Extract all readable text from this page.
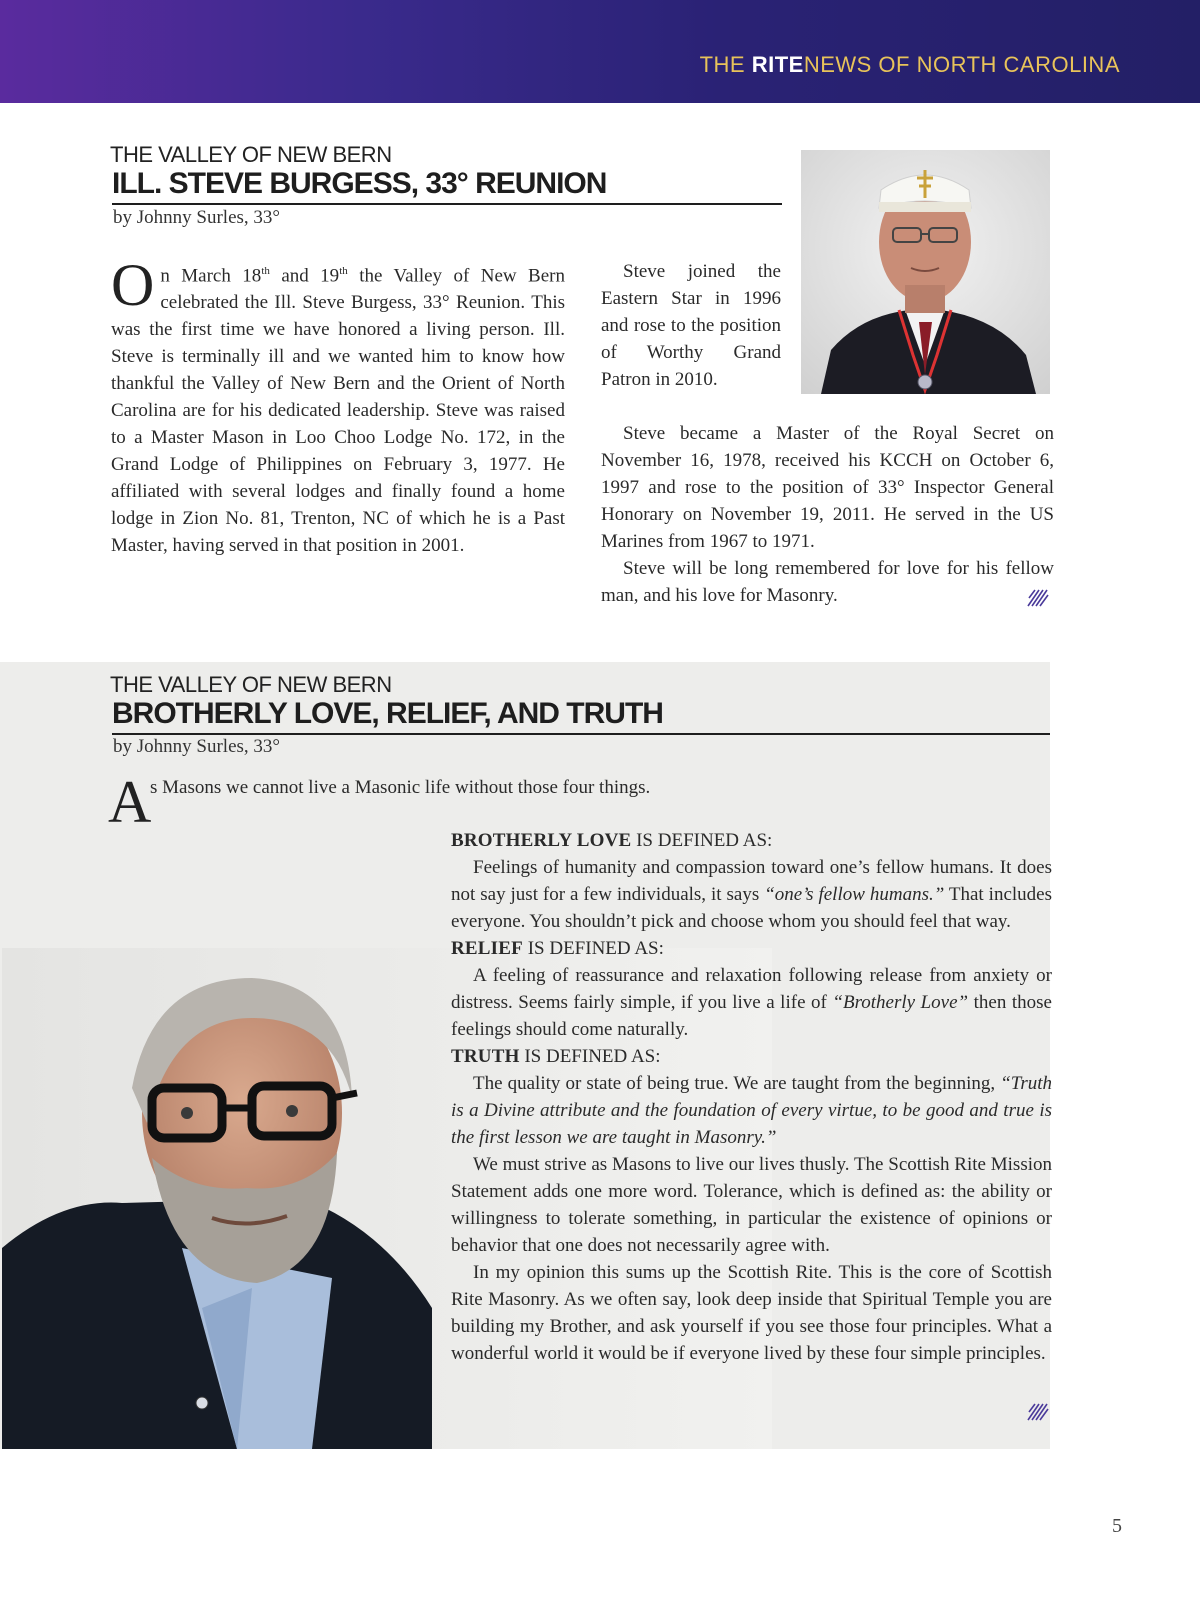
THE RITENEWS OF NORTH CAROLINA
THE VALLEY OF NEW BERN
ILL. STEVE BURGESS, 33° REUNION
by Johnny Surles, 33°

On March 18th and 19th the Valley of New Bern celebrated the Ill. Steve Burgess, 33° Reunion. This was the first time we have honored a living person. Ill. Steve is terminally ill and we wanted him to know how thankful the Valley of New Bern and the Orient of North Carolina are for his dedicated leadership. Steve was raised to a Master Mason in Loo Choo Lodge No. 172, in the Grand Lodge of Philippines on February 3, 1977. He affiliated with several lodges and finally found a home lodge in Zion No. 81, Trenton, NC of which he is a Past Master, having served in that position in 2001.

Steve joined the Eastern Star in 1996 and rose to the position of Worthy Grand Patron in 2010.

Steve became a Master of the Royal Secret on November 16, 1978, received his KCCH on October 6, 1997 and rose to the position of 33° Inspector General Honorary on November 19, 2011. He served in the US Marines from 1967 to 1971.

Steve will be long remembered for love for his fellow man, and his love for Masonry.

THE VALLEY OF NEW BERN
BROTHERLY LOVE, RELIEF, AND TRUTH
by Johnny Surles, 33°
A

s Masons we cannot live a Masonic life without those four things.

BROTHERLY LOVE IS DEFINED AS:
Feelings of humanity and compassion toward one’s fellow humans. It does not say just for a few individuals, it says “one’s fellow humans.” That includes everyone. You shouldn’t pick and choose whom you should feel that way.
RELIEF IS DEFINED AS:
A feeling of reassurance and relaxation following release from anxiety or distress. Seems fairly simple, if you live a life of “Brotherly Love” then those feelings should come naturally.
TRUTH IS DEFINED AS:
The quality or state of being true. We are taught from the beginning, “Truth is a Divine attribute and the foundation of every virtue, to be good and true is the first lesson we are taught in Masonry.”
We must strive as Masons to live our lives thusly. The Scottish Rite Mission Statement adds one more word. Tolerance, which is defined as: the ability or willingness to tolerate something, in particular the existence of opinions or behavior that one does not necessarily agree with.
In my opinion this sums up the Scottish Rite. This is the core of Scottish Rite Masonry. As we often say, look deep inside that Spiritual Temple you are building my Brother, and ask yourself if you see those four principles. What a wonderful world it would be if everyone lived by these four simple principles.
5
